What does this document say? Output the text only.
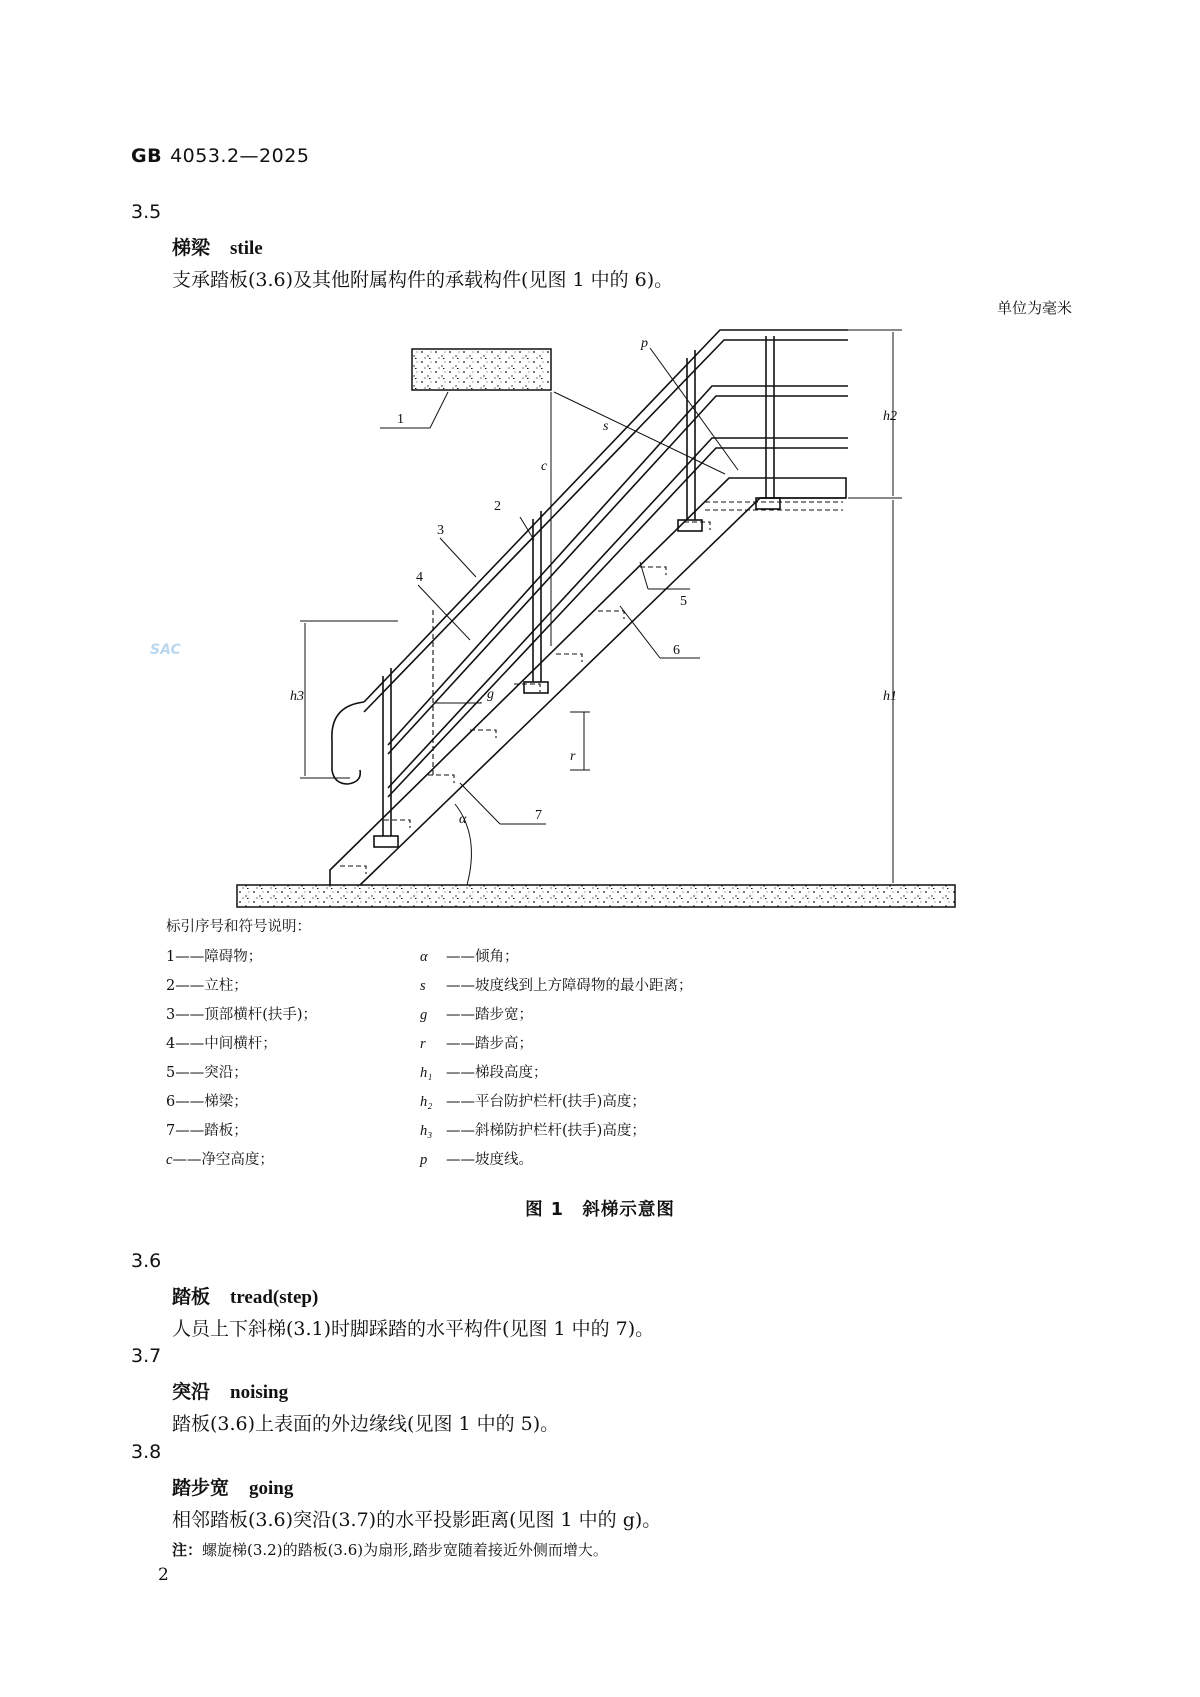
GB 4053.2—2025
3.5
梯梁 stile
支承踏板(3.6)及其他附属构件的承载构件(见图 1 中的 6)。
单位为毫米
SAC
1
2
3
4
5
6
7
p
s
c
h2
h1
h3	g
r
α
标引序号和符号说明：
1——障碍物；
2——立柱；
3——顶部横杆(扶手)；
4——中间横杆；
5——突沿；
6——梯梁；
7——踏板；
c——净空高度；
α ——倾角；
s ——坡度线到上方障碍物的最小距离；
g ——踏步宽；
r ——踏步高；
h₁ ——梯段高度；
h₂ ——平台防护栏杆(扶手)高度；
h₃ ——斜梯防护栏杆(扶手)高度；
p ——坡度线。
图 1　斜梯示意图
3.6
踏板 tread(step)
人员上下斜梯(3.1)时脚踩踏的水平构件(见图 1 中的 7)。
3.7
突沿 noising
踏板(3.6)上表面的外边缘线(见图 1 中的 5)。
3.8
踏步宽 going
相邻踏板(3.6)突沿(3.7)的水平投影距离(见图 1 中的 g)。
注：螺旋梯(3.2)的踏板(3.6)为扇形,踏步宽随着接近外侧而增大。
2
